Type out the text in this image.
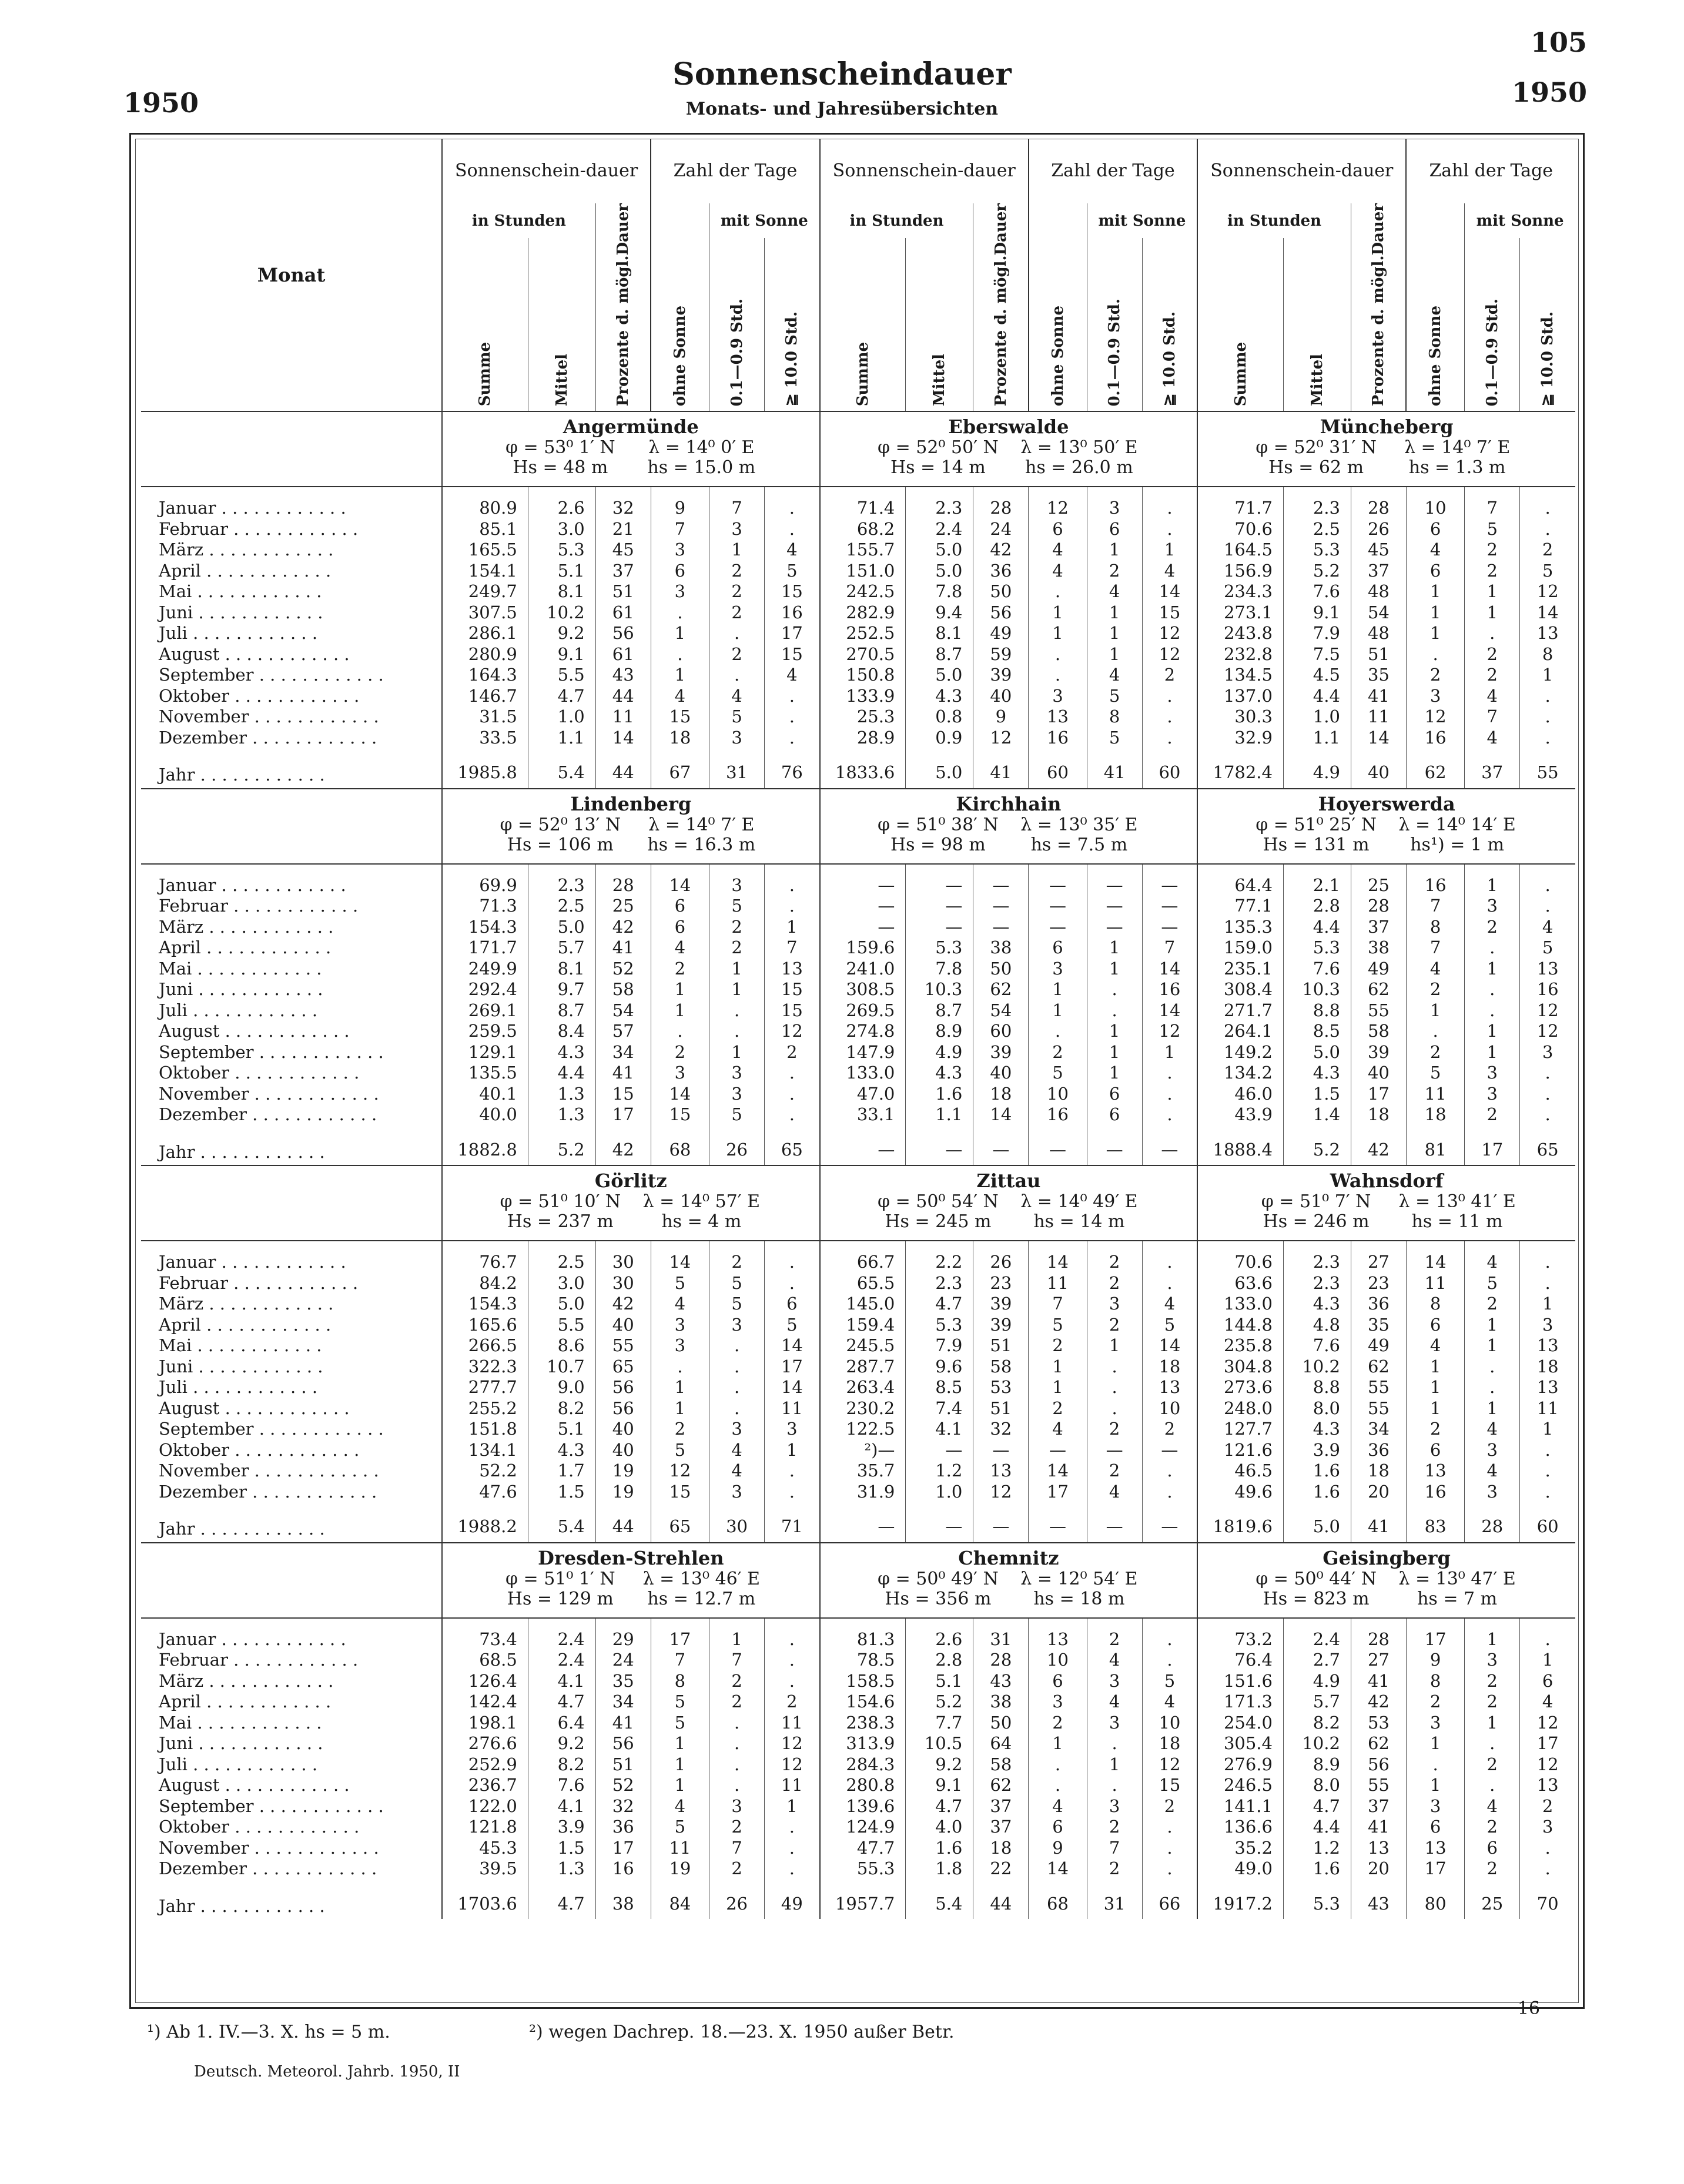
105
1950	1950
Sonnenscheindauer
Monats- und Jahresübersichten
Monat	Sonnenschein-dauer			Zahl der Tage			Sonnenschein-dauer			Zahl der Tage			Sonnenschein-dauer			Zahl der Tage		
	in Stunden		Prozente d. mögl.Dauer	ohne Sonne	mit Sonne		in Stunden		Prozente d. mögl.Dauer	ohne Sonne	mit Sonne		in Stunden		Prozente d. mögl.Dauer	ohne Sonne	mit Sonne	

	Summe	Mittel			0.1—0.9 Std.	≧ 10.0 Std.	Summe	Mittel			0.1—0.9 Std.	≧ 10.0 Std.	Summe	Mittel			0.1—0.9 Std.	≧ 10.0 Std.

	Angermünde						Eberswalde						Müncheberg					
	φ = 53⁰ 1′ N λ = 14⁰ 0′ E						φ = 52⁰ 50′ N λ = 13⁰ 50′ E						φ = 52⁰ 31′ N λ = 14⁰ 7′ E					
	Hs = 48 m hs = 15.0 m						Hs = 14 m hs = 26.0 m						Hs = 62 m hs = 1.3 m					

Januar . . . . . . . . . . . .	80.9	2.6	32	9	7	.	71.4	2.3	28	12	3	.	71.7	2.3	28	10	7	.
Februar . . . . . . . . . . . .	85.1	3.0	21	7	3	.	68.2	2.4	24	6	6	.	70.6	2.5	26	6	5	.
März . . . . . . . . . . . .	165.5	5.3	45	3	1	4	155.7	5.0	42	4	1	1	164.5	5.3	45	4	2	2
April . . . . . . . . . . . .	154.1	5.1	37	6	2	5	151.0	5.0	36	4	2	4	156.9	5.2	37	6	2	5
Mai . . . . . . . . . . . .	249.7	8.1	51	3	2	15	242.5	7.8	50	.	4	14	234.3	7.6	48	1	1	12
Juni . . . . . . . . . . . .	307.5	10.2	61	.	2	16	282.9	9.4	56	1	1	15	273.1	9.1	54	1	1	14
Juli . . . . . . . . . . . .	286.1	9.2	56	1	.	17	252.5	8.1	49	1	1	12	243.8	7.9	48	1	.	13
August . . . . . . . . . . . .	280.9	9.1	61	.	2	15	270.5	8.7	59	.	1	12	232.8	7.5	51	.	2	8
September . . . . . . . . . . . .	164.3	5.5	43	1	.	4	150.8	5.0	39	.	4	2	134.5	4.5	35	2	2	1
Oktober . . . . . . . . . . . .	146.7	4.7	44	4	4	.	133.9	4.3	40	3	5	.	137.0	4.4	41	3	4	.
November . . . . . . . . . . . .	31.5	1.0	11	15	5	.	25.3	0.8	9	13	8	.	30.3	1.0	11	12	7	.
Dezember . . . . . . . . . . . .	33.5	1.1	14	18	3	.	28.9	0.9	12	16	5	.	32.9	1.1	14	16	4	.
Jahr . . . . . . . . . . . .	1985.8	5.4	44	67	31	76	1833.6	5.0	41	60	41	60	1782.4	4.9	40	62	37	55
	Lindenberg						Kirchhain						Hoyerswerda					
	φ = 52⁰ 13′ N λ = 14⁰ 7′ E						φ = 51⁰ 38′ N λ = 13⁰ 35′ E						φ = 51⁰ 25′ N λ = 14⁰ 14′ E					
	Hs = 106 m hs = 16.3 m						Hs = 98 m hs = 7.5 m						Hs = 131 m hs¹) = 1 m					

Januar . . . . . . . . . . . .	69.9	2.3	28	14	3	.	—	—	—	—	—	—	64.4	2.1	25	16	1	.
Februar . . . . . . . . . . . .	71.3	2.5	25	6	5	.	—	—	—	—	—	—	77.1	2.8	28	7	3	.
März . . . . . . . . . . . .	154.3	5.0	42	6	2	1	—	—	—	—	—	—	135.3	4.4	37	8	2	4
April . . . . . . . . . . . .	171.7	5.7	41	4	2	7	159.6	5.3	38	6	1	7	159.0	5.3	38	7	.	5
Mai . . . . . . . . . . . .	249.9	8.1	52	2	1	13	241.0	7.8	50	3	1	14	235.1	7.6	49	4	1	13
Juni . . . . . . . . . . . .	292.4	9.7	58	1	1	15	308.5	10.3	62	1	.	16	308.4	10.3	62	2	.	16
Juli . . . . . . . . . . . .	269.1	8.7	54	1	.	15	269.5	8.7	54	1	.	14	271.7	8.8	55	1	.	12
August . . . . . . . . . . . .	259.5	8.4	57	.	.	12	274.8	8.9	60	.	1	12	264.1	8.5	58	.	1	12
September . . . . . . . . . . . .	129.1	4.3	34	2	1	2	147.9	4.9	39	2	1	1	149.2	5.0	39	2	1	3
Oktober . . . . . . . . . . . .	135.5	4.4	41	3	3	.	133.0	4.3	40	5	1	.	134.2	4.3	40	5	3	.
November . . . . . . . . . . . .	40.1	1.3	15	14	3	.	47.0	1.6	18	10	6	.	46.0	1.5	17	11	3	.
Dezember . . . . . . . . . . . .	40.0	1.3	17	15	5	.	33.1	1.1	14	16	6	.	43.9	1.4	18	18	2	.
Jahr . . . . . . . . . . . .	1882.8	5.2	42	68	26	65	—	—	—	—	—	—	1888.4	5.2	42	81	17	65
	Görlitz						Zittau						Wahnsdorf					
	φ = 51⁰ 10′ N λ = 14⁰ 57′ E						φ = 50⁰ 54′ N λ = 14⁰ 49′ E						φ = 51⁰ 7′ N λ = 13⁰ 41′ E					
	Hs = 237 m hs = 4 m						Hs = 245 m hs = 14 m						Hs = 246 m hs = 11 m					

Januar . . . . . . . . . . . .	76.7	2.5	30	14	2	.	66.7	2.2	26	14	2	.	70.6	2.3	27	14	4	.
Februar . . . . . . . . . . . .	84.2	3.0	30	5	5	.	65.5	2.3	23	11	2	.	63.6	2.3	23	11	5	.
März . . . . . . . . . . . .	154.3	5.0	42	4	5	6	145.0	4.7	39	7	3	4	133.0	4.3	36	8	2	1
April . . . . . . . . . . . .	165.6	5.5	40	3	3	5	159.4	5.3	39	5	2	5	144.8	4.8	35	6	1	3
Mai . . . . . . . . . . . .	266.5	8.6	55	3	.	14	245.5	7.9	51	2	1	14	235.8	7.6	49	4	1	13
Juni . . . . . . . . . . . .	322.3	10.7	65	.	.	17	287.7	9.6	58	1	.	18	304.8	10.2	62	1	.	18
Juli . . . . . . . . . . . .	277.7	9.0	56	1	.	14	263.4	8.5	53	1	.	13	273.6	8.8	55	1	.	13
August . . . . . . . . . . . .	255.2	8.2	56	1	.	11	230.2	7.4	51	2	.	10	248.0	8.0	55	1	1	11
September . . . . . . . . . . . .	151.8	5.1	40	2	3	3	122.5	4.1	32	4	2	2	127.7	4.3	34	2	4	1
Oktober . . . . . . . . . . . .	134.1	4.3	40	5	4	1	²)—	—	—	—	—	—	121.6	3.9	36	6	3	.
November . . . . . . . . . . . .	52.2	1.7	19	12	4	.	35.7	1.2	13	14	2	.	46.5	1.6	18	13	4	.
Dezember . . . . . . . . . . . .	47.6	1.5	19	15	3	.	31.9	1.0	12	17	4	.	49.6	1.6	20	16	3	.
Jahr . . . . . . . . . . . .	1988.2	5.4	44	65	30	71	—	—	—	—	—	—	1819.6	5.0	41	83	28	60
	Dresden-Strehlen						Chemnitz						Geisingberg					
	φ = 51⁰ 1′ N λ = 13⁰ 46′ E						φ = 50⁰ 49′ N λ = 12⁰ 54′ E						φ = 50⁰ 44′ N λ = 13⁰ 47′ E					
	Hs = 129 m hs = 12.7 m						Hs = 356 m hs = 18 m						Hs = 823 m hs = 7 m					

Januar . . . . . . . . . . . .	73.4	2.4	29	17	1	.	81.3	2.6	31	13	2	.	73.2	2.4	28	17	1	.
Februar . . . . . . . . . . . .	68.5	2.4	24	7	7	.	78.5	2.8	28	10	4	.	76.4	2.7	27	9	3	1
März . . . . . . . . . . . .	126.4	4.1	35	8	2	.	158.5	5.1	43	6	3	5	151.6	4.9	41	8	2	6
April . . . . . . . . . . . .	142.4	4.7	34	5	2	2	154.6	5.2	38	3	4	4	171.3	5.7	42	2	2	4
Mai . . . . . . . . . . . .	198.1	6.4	41	5	.	11	238.3	7.7	50	2	3	10	254.0	8.2	53	3	1	12
Juni . . . . . . . . . . . .	276.6	9.2	56	1	.	12	313.9	10.5	64	1	.	18	305.4	10.2	62	1	.	17
Juli . . . . . . . . . . . .	252.9	8.2	51	1	.	12	284.3	9.2	58	.	1	12	276.9	8.9	56	.	2	12
August . . . . . . . . . . . .	236.7	7.6	52	1	.	11	280.8	9.1	62	.	.	15	246.5	8.0	55	1	.	13
September . . . . . . . . . . . .	122.0	4.1	32	4	3	1	139.6	4.7	37	4	3	2	141.1	4.7	37	3	4	2
Oktober . . . . . . . . . . . .	121.8	3.9	36	5	2	.	124.9	4.0	37	6	2	.	136.6	4.4	41	6	2	3
November . . . . . . . . . . . .	45.3	1.5	17	11	7	.	47.7	1.6	18	9	7	.	35.2	1.2	13	13	6	.
Dezember . . . . . . . . . . . .	39.5	1.3	16	19	2	.	55.3	1.8	22	14	2	.	49.0	1.6	20	17	2	.
Jahr . . . . . . . . . . . .	1703.6	4.7	38	84	26	49	1957.7	5.4	44	68	31	66	1917.2	5.3	43	80	25	70
¹) Ab 1. IV.—3. X. hs = 5 m.	²) wegen Dachrep. 18.—23. X. 1950 außer Betr.
Deutsch. Meteorol. Jahrb. 1950, II
16
